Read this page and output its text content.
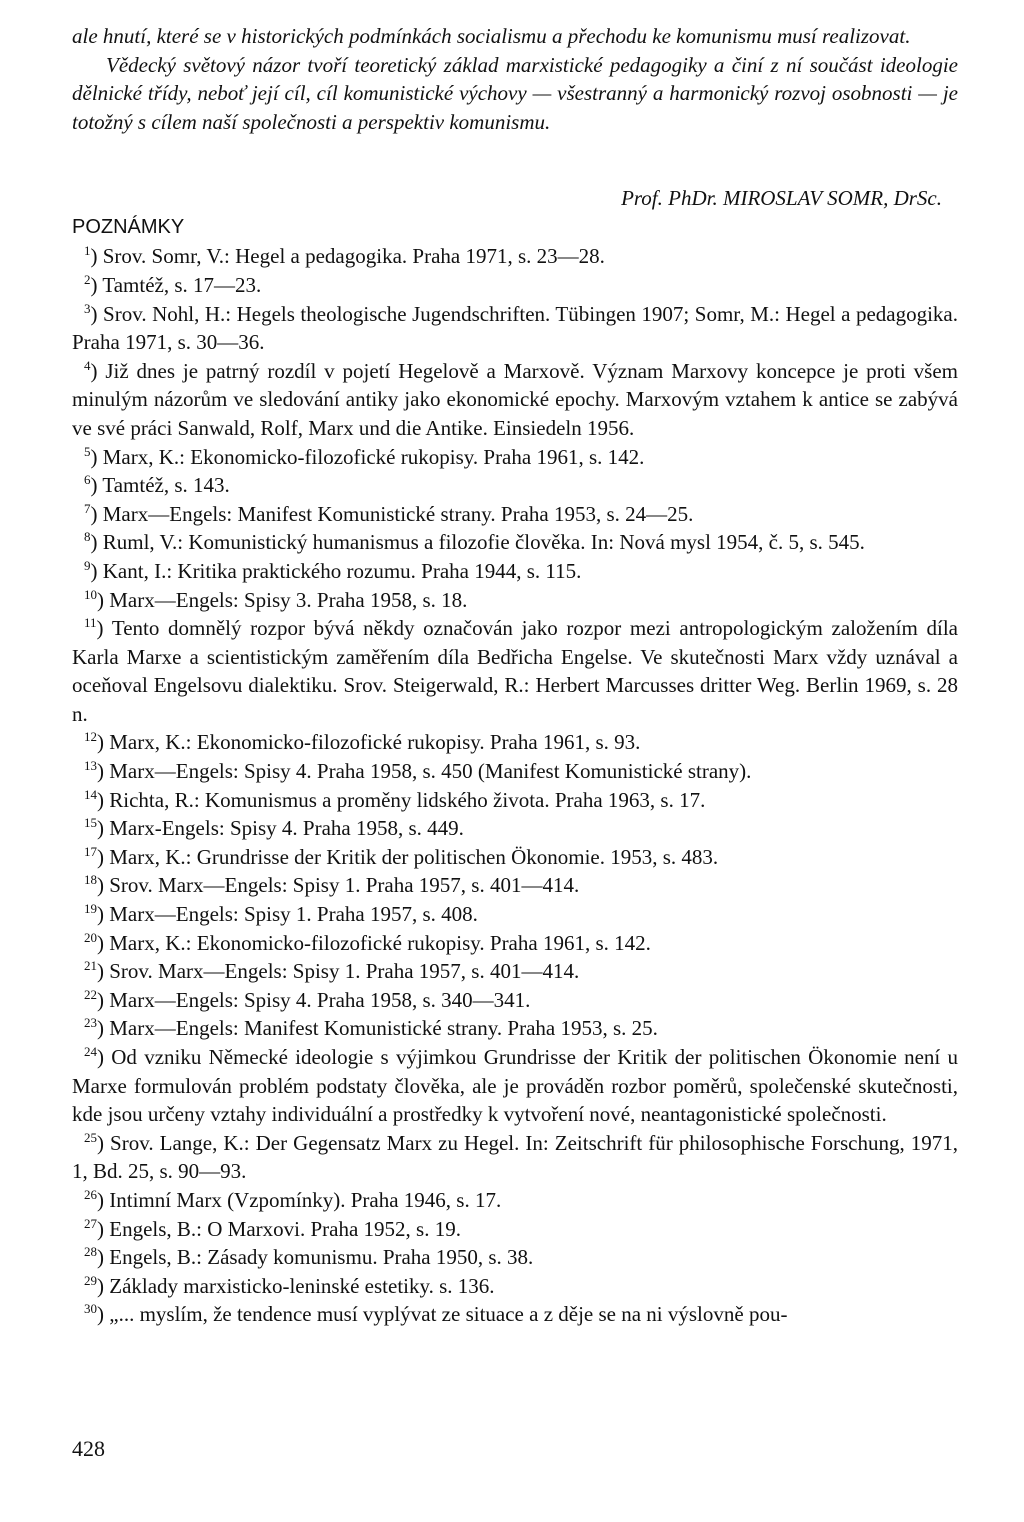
ale hnutí, které se v historických podmínkách socialismu a přechodu ke komunismu musí realizovat.

Vědecký světový názor tvoří teoretický základ marxistické pedagogiky a činí z ní součást ideologie dělnické třídy, neboť její cíl, cíl komunistické výchovy — všestranný a harmonický rozvoj osobnosti — je totožný s cílem naší společnosti a perspektiv komunismu.

Prof. PhDr. MIROSLAV SOMR, DrSc.
POZNÁMKY

$^1$) Srov. Somr, V.: Hegel a pedagogika. Praha 1971, s. 23—28.

$^2$) Tamtéž, s. 17—23.

$^3$) Srov. Nohl, H.: Hegels theologische Jugendschriften. Tübingen 1907; Somr, M.: Hegel a pedagogika. Praha 1971, s. 30—36.

$^4$) Již dnes je patrný rozdíl v pojetí Hegelově a Marxově. Význam Marxovy koncepce je proti všem minulým názorům ve sledování antiky jako ekonomické epochy. Marxovým vztahem k antice se zabývá ve své práci Sanwald, Rolf, Marx und die Antike. Einsiedeln 1956.

$^5$) Marx, K.: Ekonomicko-filozofické rukopisy. Praha 1961, s. 142.

$^6$) Tamtéž, s. 143.

$^7$) Marx—Engels: Manifest Komunistické strany. Praha 1953, s. 24—25.

$^8$) Ruml, V.: Komunistický humanismus a filozofie člověka. In: Nová mysl 1954, č. 5, s. 545.

$^9$) Kant, I.: Kritika praktického rozumu. Praha 1944, s. 115.

$^{10}$) Marx—Engels: Spisy 3. Praha 1958, s. 18.

$^{11}$) Tento domnělý rozpor bývá někdy označován jako rozpor mezi antropologickým založením díla Karla Marxe a scientistickým zaměřením díla Bedřicha Engelse. Ve skutečnosti Marx vždy uznával a oceňoval Engelsovu dialektiku. Srov. Steigerwald, R.: Herbert Marcusses dritter Weg. Berlin 1969, s. 28 n.

$^{12}$) Marx, K.: Ekonomicko-filozofické rukopisy. Praha 1961, s. 93.

$^{13}$) Marx—Engels: Spisy 4. Praha 1958, s. 450 (Manifest Komunistické strany).

$^{14}$) Richta, R.: Komunismus a proměny lidského života. Praha 1963, s. 17.

$^{15}$) Marx-Engels: Spisy 4. Praha 1958, s. 449.

$^{17}$) Marx, K.: Grundrisse der Kritik der politischen Ökonomie. 1953, s. 483.

$^{18}$) Srov. Marx—Engels: Spisy 1. Praha 1957, s. 401—414.

$^{19}$) Marx—Engels: Spisy 1. Praha 1957, s. 408.

$^{20}$) Marx, K.: Ekonomicko-filozofické rukopisy. Praha 1961, s. 142.

$^{21}$) Srov. Marx—Engels: Spisy 1. Praha 1957, s. 401—414.

$^{22}$) Marx—Engels: Spisy 4. Praha 1958, s. 340—341.

$^{23}$) Marx—Engels: Manifest Komunistické strany. Praha 1953, s. 25.

$^{24}$) Od vzniku Německé ideologie s výjimkou Grundrisse der Kritik der politischen Ökonomie není u Marxe formulován problém podstaty člověka, ale je prováděn rozbor poměrů, společenské skutečnosti, kde jsou určeny vztahy individuální a prostředky k vytvoření nové, neantagonistické společnosti.

$^{25}$) Srov. Lange, K.: Der Gegensatz Marx zu Hegel. In: Zeitschrift für philosophische Forschung, 1971, 1, Bd. 25, s. 90—93.

$^{26}$) Intimní Marx (Vzpomínky). Praha 1946, s. 17.

$^{27}$) Engels, B.: O Marxovi. Praha 1952, s. 19.

$^{28}$) Engels, B.: Zásady komunismu. Praha 1950, s. 38.

$^{29}$) Základy marxisticko-leninské estetiky. s. 136.

$^{30}$) „... myslím, že tendence musí vyplývat ze situace a z děje se na ni výslovně pou-

428
